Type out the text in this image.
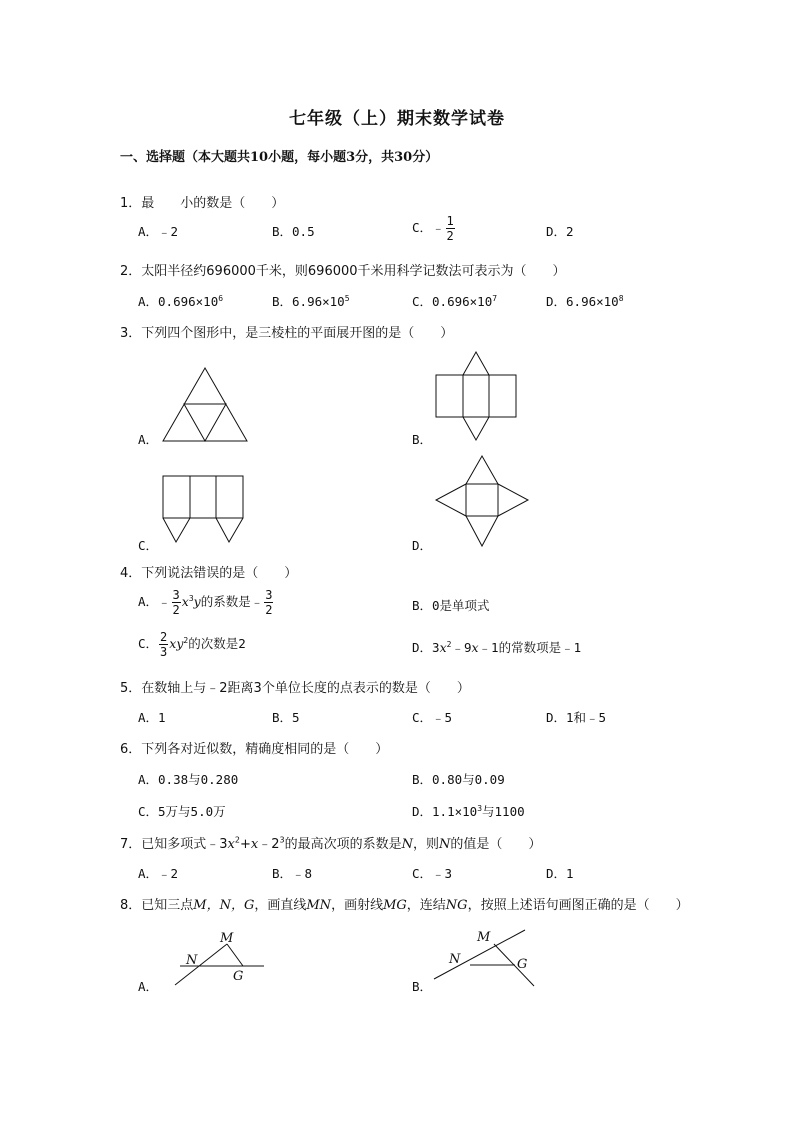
七年级（上）期末数学试卷
一、选择题（本大题共10小题，每小题3分，共30分）
1．最　　小的数是（　　）
A．﹣2	B．0.5	C．﹣ $\frac{1}{2}$	D．2
2．太阳半径约696000千米，则696000千米用科学记数法可表示为（　　）
A．$0.696\times 10^6$	B．$6.96\times 10^5$	C．$0.696\times 10^7$	D．$6.96\times 10^8$
3．下列四个图形中，是三棱柱的平面展开图的是（　　）
A．	B．
C．	D．
4．下列说法错误的是（　　）
A．﹣ $\frac{3}{2} x^3y$的系数是﹣ $\frac{3}{2}$	B．0是单项式
C． $\frac{2}{3} xy^2$的次数是2	D．$3x^2﹣9x﹣1$的常数项是﹣1
5．在数轴上与﹣2距离3个单位长度的点表示的数是（　　）
A．1	B．5	C．﹣5	D．1和﹣5
6．下列各对近似数，精确度相同的是（　　）
A．0.38与0.280	B．0.80与0.09
C．5万与5.0万	D．$1.1\times 10^3$与1100
7．已知多项式$﹣3x^2+x﹣2^3$的最高次项的系数是N，则N的值是（　　）
A．﹣2	B．﹣8	C．﹣3	D．1
8．已知三点M，N，G，画直线MN，画射线MG，连结NG，按照上述语句画图正确的是（　　）
A．	B．
M
N
G
M
N	G
